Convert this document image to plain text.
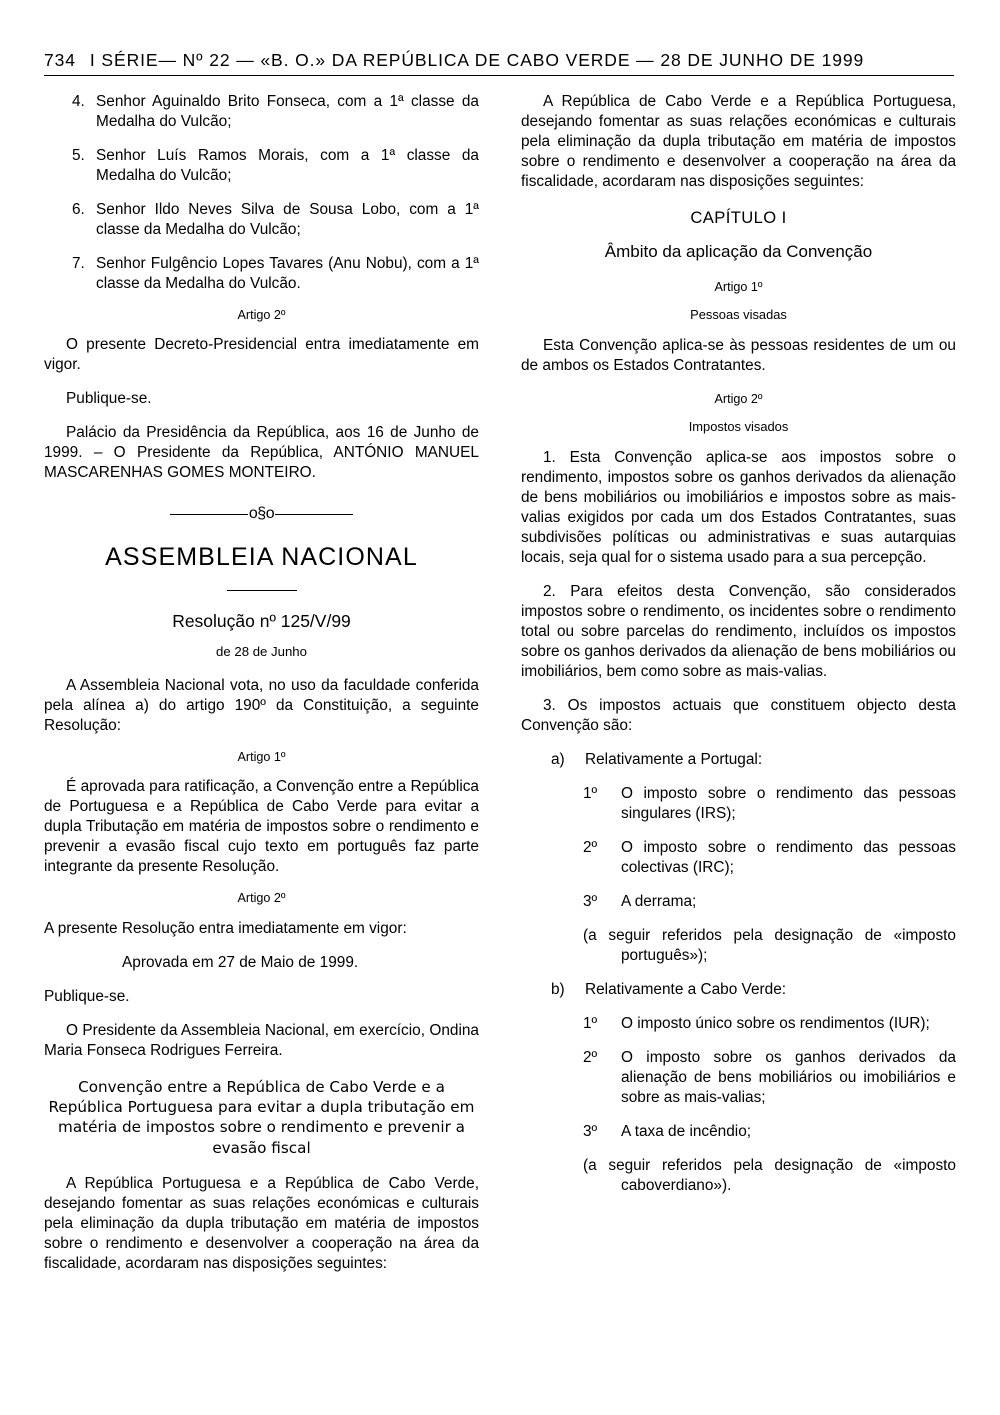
734 I SÉRIE— Nº 22 — «B. O.» DA REPÚBLICA DE CABO VERDE — 28 DE JUNHO DE 1999
4. Senhor Aguinaldo Brito Fonseca, com a 1ª classe da Medalha do Vulcão;
5. Senhor Luís Ramos Morais, com a 1ª classe da Medalha do Vulcão;
6. Senhor Ildo Neves Silva de Sousa Lobo, com a 1ª classe da Medalha do Vulcão;
7. Senhor Fulgêncio Lopes Tavares (Anu Nobu), com a 1ª classe da Medalha do Vulcão.
Artigo 2º

O presente Decreto-Presidencial entra imediatamente em vigor.

Publique-se.

Palácio da Presidência da República, aos 16 de Junho de 1999. – O Presidente da República, ANTÓNIO MANUEL MASCARENHAS GOMES MONTEIRO.

o§o
ASSEMBLEIA NACIONAL
Resolução nº 125/V/99
de 28 de Junho

A Assembleia Nacional vota, no uso da faculdade conferida pela alínea a) do artigo 190º da Constituição, a seguinte Resolução:

Artigo 1º

É aprovada para ratificação, a Convenção entre a República de Portuguesa e a República de Cabo Verde para evitar a dupla Tributação em matéria de impostos sobre o rendimento e prevenir a evasão fiscal cujo texto em português faz parte integrante da presente Resolução.

Artigo 2º

A presente Resolução entra imediatamente em vigor:

Aprovada em 27 de Maio de 1999.

Publique-se.

O Presidente da Assembleia Nacional, em exercício, Ondina Maria Fonseca Rodrigues Ferreira.

Convenção entre a República de Cabo Verde e a República Portuguesa para evitar a dupla tributação em matéria de impostos sobre o rendimento e prevenir a evasão fiscal

A República Portuguesa e a República de Cabo Verde, desejando fomentar as suas relações económicas e culturais pela eliminação da dupla tributação em matéria de impostos sobre o rendimento e desenvolver a cooperação na área da fiscalidade, acordaram nas disposições seguintes:

A República de Cabo Verde e a República Portuguesa, desejando fomentar as suas relações económicas e culturais pela eliminação da dupla tributação em matéria de impostos sobre o rendimento e desenvolver a cooperação na área da fiscalidade, acordaram nas disposições seguintes:

CAPÍTULO I
Âmbito da aplicação da Convenção
Artigo 1º
Pessoas visadas

Esta Convenção aplica-se às pessoas residentes de um ou de ambos os Estados Contratantes.

Artigo 2º
Impostos visados

1. Esta Convenção aplica-se aos impostos sobre o rendimento, impostos sobre os ganhos derivados da alienação de bens mobiliários ou imobiliários e impostos sobre as mais-valias exigidos por cada um dos Estados Contratantes, suas subdivisões políticas ou administrativas e suas autarquias locais, seja qual for o sistema usado para a sua percepção.

2. Para efeitos desta Convenção, são considerados impostos sobre o rendimento, os incidentes sobre o rendimento total ou sobre parcelas do rendimento, incluídos os impostos sobre os ganhos derivados da alienação de bens mobiliários ou imobiliários, bem como sobre as mais-valias.

3. Os impostos actuais que constituem objecto desta Convenção são:

a) Relativamente a Portugal:
1º O imposto sobre o rendimento das pessoas singulares (IRS);
2º O imposto sobre o rendimento das pessoas colectivas (IRC);
3º A derrama;
(a seguir referidos pela designação de «imposto português»);
b) Relativamente a Cabo Verde:
1º O imposto único sobre os rendimentos (IUR);
2º O imposto sobre os ganhos derivados da alienação de bens mobiliários ou imobiliários e sobre as mais-valias;
3º A taxa de incêndio;
(a seguir referidos pela designação de «imposto caboverdiano»).
